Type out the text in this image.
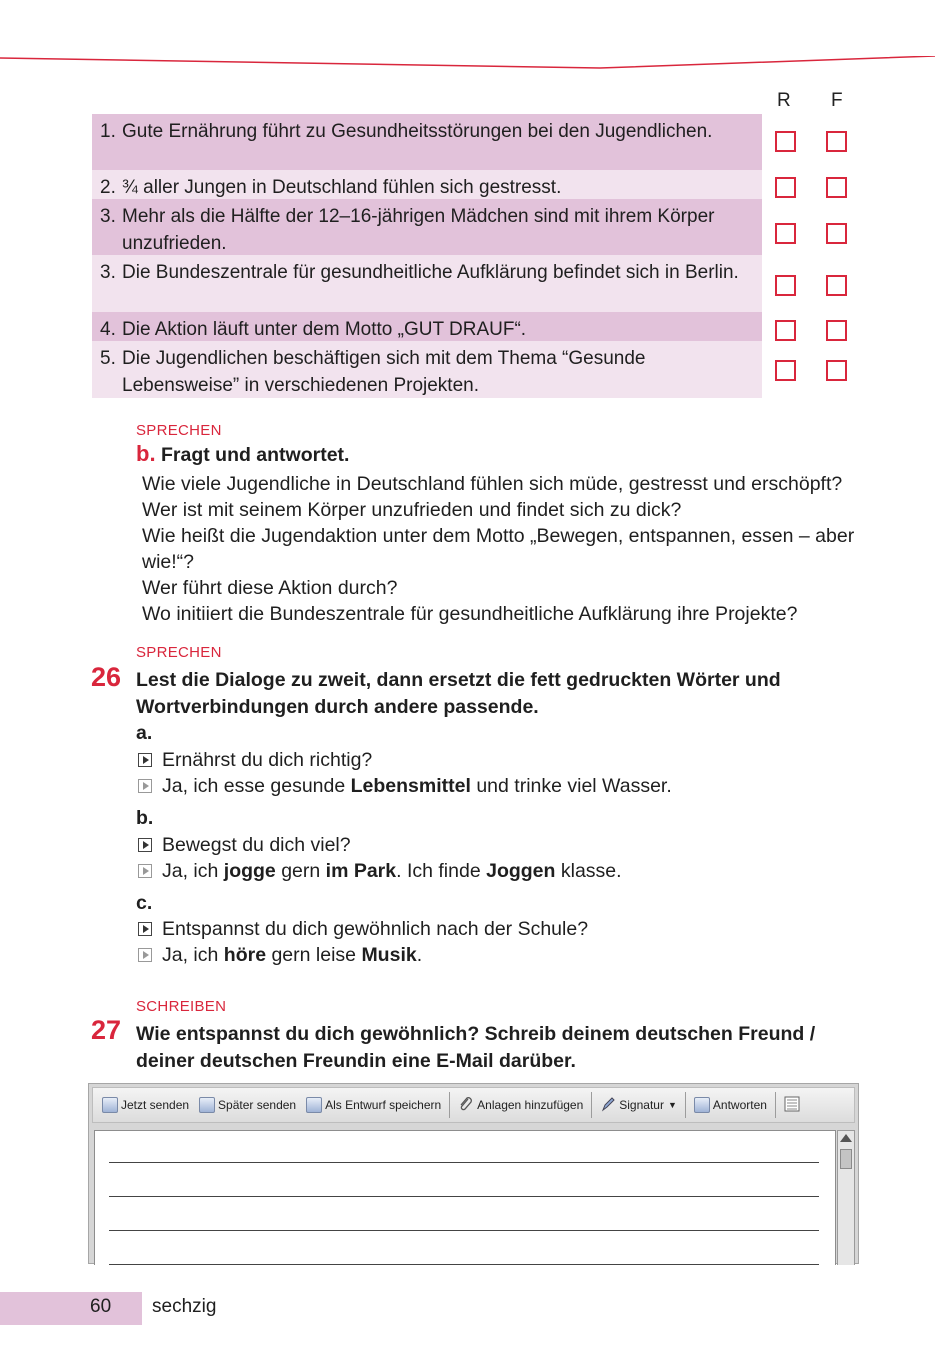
R F
1. Gute Ernährung führt zu Gesundheitsstörungen bei den Jugendlichen.
2. ¾ aller Jungen in Deutschland fühlen sich gestresst.
3. Mehr als die Hälfte der 12–16-jährigen Mädchen sind mit ihrem Körper unzufrieden.
3. Die Bundeszentrale für gesundheitliche Aufklärung befindet sich in Berlin.
4. Die Aktion läuft unter dem Motto „GUT DRAUF“.
5. Die Jugendlichen beschäftigen sich mit dem Thema “Gesunde Lebensweise” in verschiedenen Projekten.
SPRECHEN
b. Fragt und antwortet.
Wie viele Jugendliche in Deutschland fühlen sich müde, gestresst und erschöpft?
Wer ist mit seinem Körper unzufrieden und findet sich zu dick?
Wie heißt die Jugendaktion unter dem Motto „Bewegen, entspannen, essen – aber wie!“?
Wer führt diese Aktion durch?
Wo initiiert die Bundeszentrale für gesundheitliche Aufklärung ihre Projekte?
SPRECHEN
26 Lest die Dialoge zu zweit, dann ersetzt die fett gedruckten Wörter und Wortverbindungen durch andere passende.
a.
Ernährst du dich richtig?
Ja, ich esse gesunde Lebensmittel und trinke viel Wasser.
b.
Bewegst du dich viel?
Ja, ich jogge gern im Park. Ich finde Joggen klasse.
c.
Entspannst du dich gewöhnlich nach der Schule?
Ja, ich höre gern leise Musik.
SCHREIBEN
27 Wie entspannst du dich gewöhnlich? Schreib deinem deutschen Freund / deiner deutschen Freundin eine E-Mail darüber.
Jetzt senden Später senden Als Entwurf speichern	Anlagen hinzufügen	Signatur ▼	Antworten
60 sechzig
